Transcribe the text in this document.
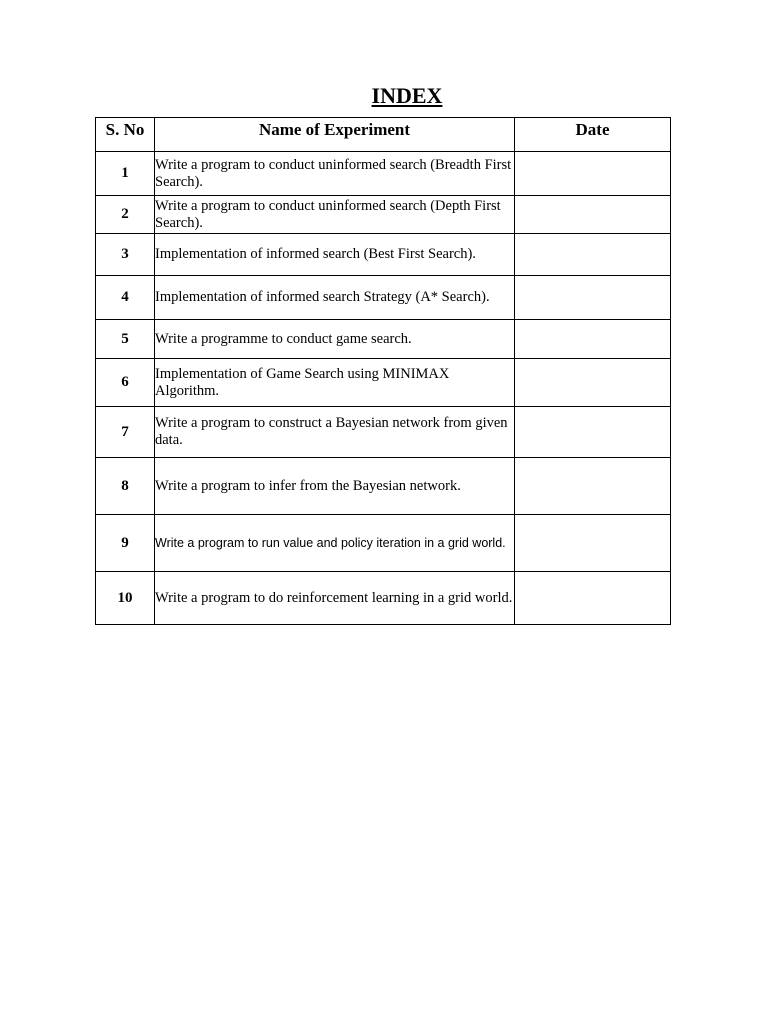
INDEX
S. No	Name of Experiment	Date
1	Write a program to conduct uninformed search (Breadth First Search).	
2	Write a program to conduct uninformed search (Depth First Search).	
3	Implementation of informed search (Best First Search).	
4	Implementation of informed search Strategy (A* Search).	
5	Write a programme to conduct game search.	
6	Implementation of Game Search using MINIMAX Algorithm.	
7	Write a program to construct a Bayesian network from given data.	
8	Write a program to infer from the Bayesian network.	
9	Write a program to run value and policy iteration in a grid world.	
10	Write a program to do reinforcement learning in a grid world.	
